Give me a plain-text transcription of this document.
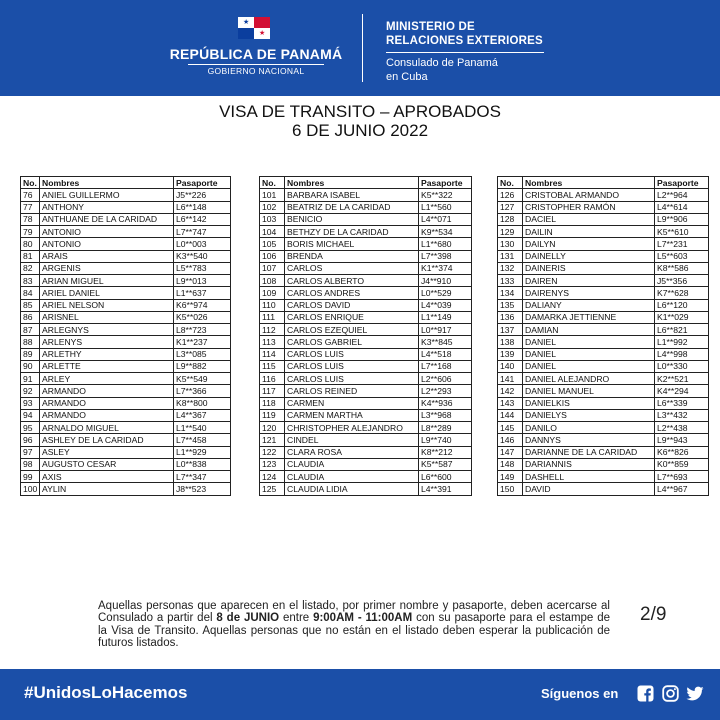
★
★
REPÚBLICA DE PANAMÁ
GOBIERNO NACIONAL
MINISTERIO DE
RELACIONES EXTERIORES
Consulado de Panamá
en Cuba
VISA DE TRANSITO – APROBADOS
6 DE JUNIO 2022
No.	Nombres	Pasaporte
76	ANIEL GUILLERMO	J5**226
77	ANTHONY	L6**148
78	ANTHUANE DE LA CARIDAD	L6**142
79	ANTONIO	L7**747
80	ANTONIO	L0**003
81	ARAIS	K3**540
82	ARGENIS	L5**783
83	ARIAN MIGUEL	L9**013
84	ARIEL DANIEL	L1**637
85	ARIEL NELSON	K6**974
86	ARISNEL	K5**026
87	ARLEGNYS	L8**723
88	ARLENYS	K1**237
89	ARLETHY	L3**085
90	ARLETTE	L9**882
91	ARLEY	K5**549
92	ARMANDO	L7**366
93	ARMANDO	K8**800
94	ARMANDO	L4**367
95	ARNALDO MIGUEL	L1**540
96	ASHLEY DE LA CARIDAD	L7**458
97	ASLEY	L1**929
98	AUGUSTO CESAR	L0**838
99	AXIS	L7**347
100	AYLIN	J8**523
No.	Nombres	Pasaporte
101	BARBARA ISABEL	K5**322
102	BEATRIZ DE LA CARIDAD	L1**560
103	BENICIO	L4**071
104	BETHZY DE LA CARIDAD	K9**534
105	BORIS MICHAEL	L1**680
106	BRENDA	L7**398
107	CARLOS	K1**374
108	CARLOS ALBERTO	J4**910
109	CARLOS ANDRES	L0**529
110	CARLOS DAVID	L4**039
111	CARLOS ENRIQUE	L1**149
112	CARLOS EZEQUIEL	L0**917
113	CARLOS GABRIEL	K3**845
114	CARLOS LUIS	L4**518
115	CARLOS LUIS	L7**168
116	CARLOS LUIS	L2**606
117	CARLOS REINED	L2**293
118	CARMEN	K4**936
119	CARMEN MARTHA	L3**968
120	CHRISTOPHER ALEJANDRO	L8**289
121	CINDEL	L9**740
122	CLARA ROSA	K8**212
123	CLAUDIA	K5**587
124	CLAUDIA	L6**600
125	CLAUDIA LIDIA	L4**391
No.	Nombres	Pasaporte
126	CRISTOBAL ARMANDO	L2**964
127	CRISTOPHER RAMÓN	L4**614
128	DACIEL	L9**906
129	DAILIN	K5**610
130	DAILYN	L7**231
131	DAINELLY	L5**603
132	DAINERIS	K8**586
133	DAIREN	J5**356
134	DAIRENYS	K7**628
135	DALIANY	L6**120
136	DAMARKA JETTIENNE	K1**029
137	DAMIAN	L6**821
138	DANIEL	L1**992
139	DANIEL	L4**998
140	DANIEL	L0**330
141	DANIEL ALEJANDRO	K2**521
142	DANIEL MANUEL	K4**294
143	DANIELKIS	L6**339
144	DANIELYS	L3**432
145	DANILO	L2**438
146	DANNYS	L9**943
147	DARIANNE DE LA CARIDAD	K6**826
148	DARIANNIS	K0**859
149	DASHELL	L7**693
150	DAVID	L4**967
Aquellas personas que aparecen en el listado, por primer nombre y pasaporte, deben acercarse al Consulado a partir del 8 de JUNIO entre 9:00AM - 11:00AM con su pasaporte para el estampe de la Visa de Transito. Aquellas personas que no están en el listado deben esperar la publicación de futuros listados.
2/9
#UnidosLoHacemos	Síguenos en
